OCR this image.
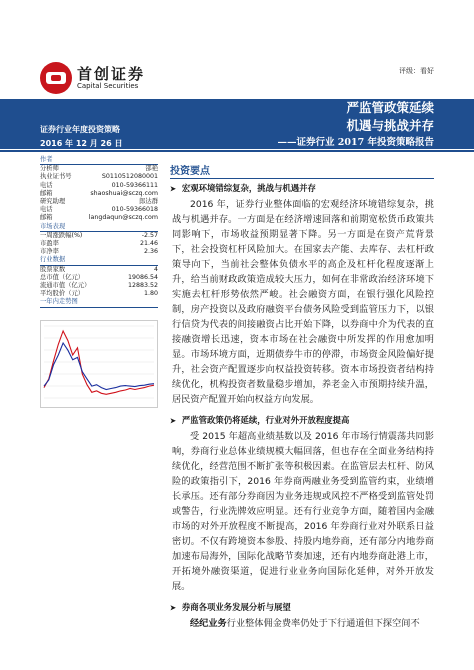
首创证券
Capital Securities
评级：看好
严监管政策延续
机遇与挑战并存
——证券行业 2017 年投资策略报告
证券行业年度投资策略
2016 年 12 月 26 日
作者
分析师	邵艳
执业证书号	S0110512080001
电话	010-59366111
邮箱	shaoshuai@sczq.com
研究助理	郎达群
电话	010-59366018
邮箱	langdaqun@sczq.com
市场表现
一周涨跌幅(%)	-2.57
市盈率	21.46
市净率	2.36
行业数据
股票家数	4
总市值（亿元）	19086.54
流通市值（亿元）	12883.52
平均股价（元）	1.80
一年内走势图
投资要点
➤ 宏观环境错综复杂，挑战与机遇并存

2016 年，证券行业整体面临的宏观经济环境错综复杂，挑战与机遇并存。一方面是在经济增速回落和前期宽松货币政策共同影响下，市场收益预期显著下降。另一方面是在资产荒背景下，社会投资杠杆风险加大。在国家去产能、去库存、去杠杆政策导向下，当前社会整体负债水平的高企及杠杆化程度逐渐上升，给当前财政政策造成较大压力，如何在非常政治经济环境下实施去杠杆形势依然严峻。社会融资方面，在银行强化风险控制，房产投资以及政府融资平台债务风险受到监管压力下，以银行信贷为代表的间接融资占比开始下降，以券商中介为代表的直接融资增长迅速，资本市场在社会融资中所发挥的作用愈加明显。市场环境方面，近期债券牛市的停滞，市场资金风险偏好提升，社会资产配置逐步向权益投资转移。资本市场投资者结构持续优化，机构投资者数量稳步增加，养老金入市预期持续升温，居民资产配置开始向权益方向发展。

➤ 严监管政策仍将延续，行业对外开放程度提高

受 2015 年超高业绩基数以及 2016 年市场行情震荡共同影响，券商行业总体业绩规模大幅回落，但也存在全面业务结构持续优化，经营范围不断扩张等积极因素。在监管层去杠杆、防风险的政策指引下，2016 年券商两融业务受到监管约束，业绩增长承压。还有部分券商因为业务违规或风控不严格受到监管处罚或警告，行业洗牌效应明显。还有行业竞争方面，随着国内金融市场的对外开放程度不断提高，2016 年券商行业对外联系日益密切。不仅有跨境资本参股、持股内地券商，还有部分内地券商加速布局海外，国际化战略节奏加速，还有内地券商赴港上市，开拓境外融资渠道，促进行业业务向国际化延伸，对外开放发展。

➤ 券商各项业务发展分析与展望

经纪业务行业整体佣金费率仍处于下行通道但下探空间不
